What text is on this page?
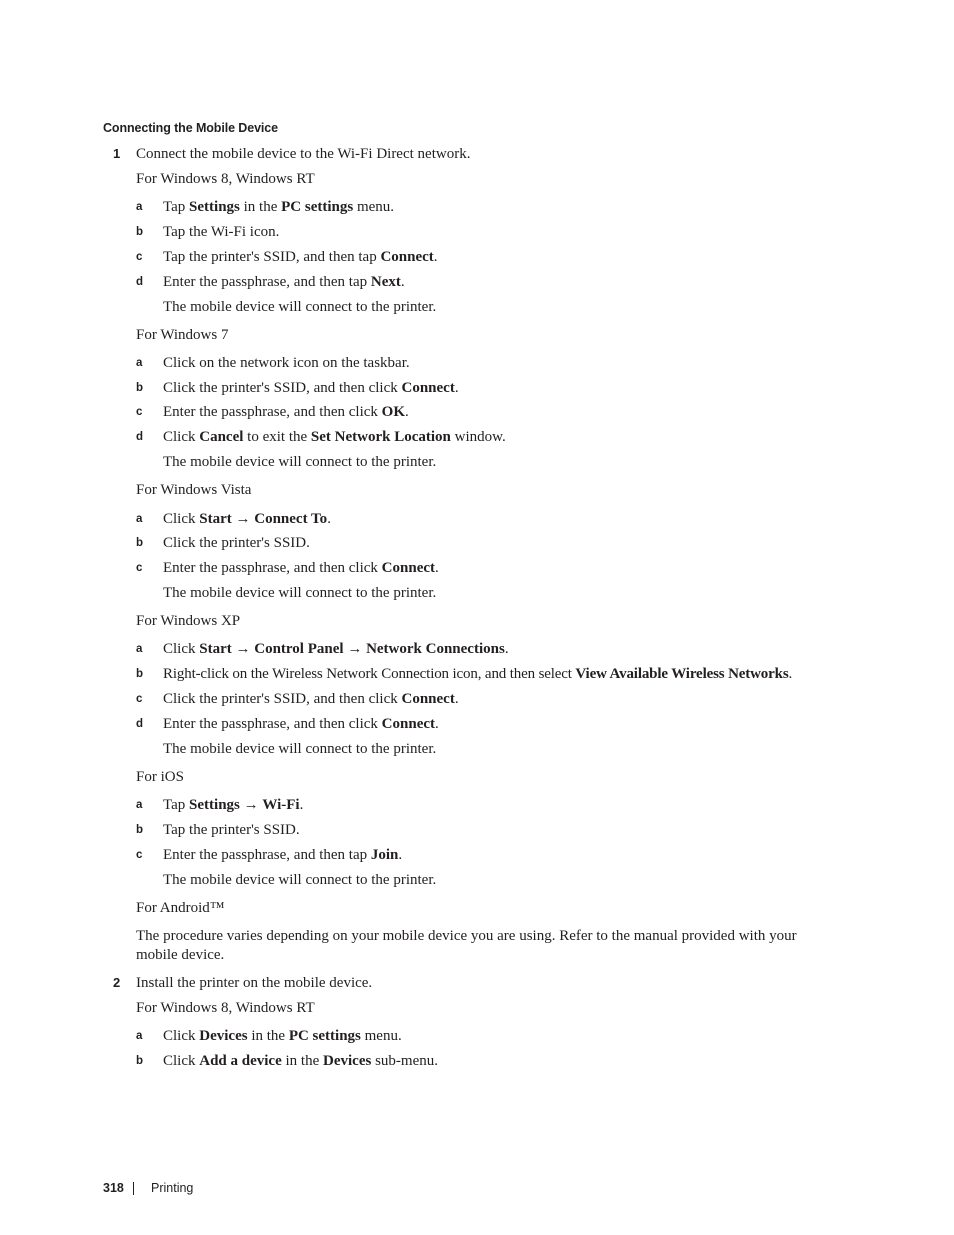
Connecting the Mobile Device
1 Connect the mobile device to the Wi-Fi Direct network.
For Windows 8, Windows RT
a Tap Settings in the PC settings menu.
b Tap the Wi-Fi icon.
c Tap the printer's SSID, and then tap Connect.
d Enter the passphrase, and then tap Next.
The mobile device will connect to the printer.
For Windows 7
a Click on the network icon on the taskbar.
b Click the printer's SSID, and then click Connect.
c Enter the passphrase, and then click OK.
d Click Cancel to exit the Set Network Location window.
The mobile device will connect to the printer.
For Windows Vista
a Click Start → Connect To.
b Click the printer's SSID.
c Enter the passphrase, and then click Connect.
The mobile device will connect to the printer.
For Windows XP
a Click Start → Control Panel → Network Connections.
b Right-click on the Wireless Network Connection icon, and then select View Available Wireless Networks.
c Click the printer's SSID, and then click Connect.
d Enter the passphrase, and then click Connect.
The mobile device will connect to the printer.
For iOS
a Tap Settings → Wi-Fi.
b Tap the printer's SSID.
c Enter the passphrase, and then tap Join.
The mobile device will connect to the printer.
For Android™
The procedure varies depending on your mobile device you are using. Refer to the manual provided with your mobile device.
2 Install the printer on the mobile device.
For Windows 8, Windows RT
a Click Devices in the PC settings menu.
b Click Add a device in the Devices sub-menu.
318 Printing
